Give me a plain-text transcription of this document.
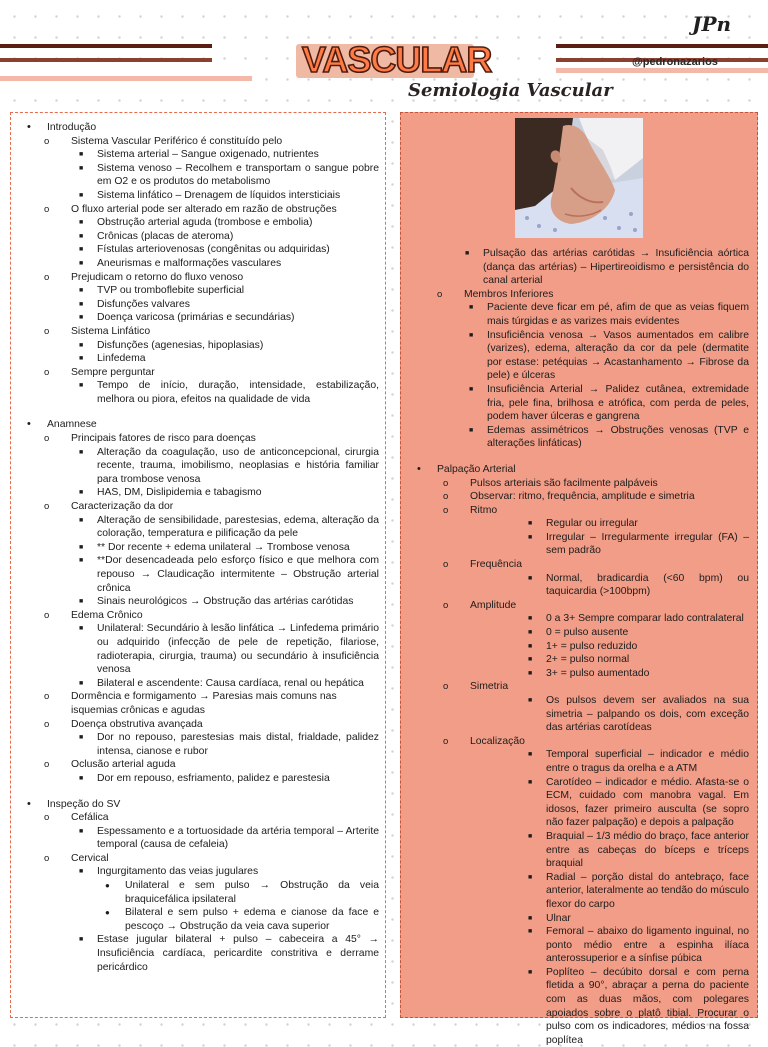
JPn
VASCULAR	@pedronazarios
Semiologia Vascular
• Introdução
o Sistema Vascular Periférico é constituído pelo
■ Sistema arterial – Sangue oxigenado, nutrientes
■ Sistema venoso – Recolhem e transportam o sangue pobre em O2 e os produtos do metabolismo
■ Sistema linfático – Drenagem de líquidos intersticiais
o O fluxo arterial pode ser alterado em razão de obstruções
■ Obstrução arterial aguda (trombose e embolia)
■ Crônicas (placas de ateroma)
■ Fístulas arteriovenosas (congênitas ou adquiridas)
■ Aneurismas e malformações vasculares
o Prejudicam o retorno do fluxo venoso
■ TVP ou tromboflebite superficial
■ Disfunções valvares
■ Doença varicosa (primárias e secundárias)
o Sistema Linfático
■ Disfunções (agenesias, hipoplasias)
■ Linfedema
o Sempre perguntar
■ Tempo de início, duração, intensidade, estabilização, melhora ou piora, efeitos na qualidade de vida
• Anamnese
o Principais fatores de risco para doenças
■ Alteração da coagulação, uso de anticoncepcional, cirurgia recente, trauma, imobilismo, neoplasias e história familiar para trombose venosa
■ HAS, DM, Dislipidemia e tabagismo
o Caracterização da dor
■ Alteração de sensibilidade, parestesias, edema, alteração da coloração, temperatura e pilificação da pele
■ ** Dor recente + edema unilateral → Trombose venosa
■ **Dor desencadeada pelo esforço físico e que melhora com repouso → Claudicação intermitente – Obstrução arterial crônica
■ Sinais neurológicos → Obstrução das artérias carótidas
o Edema Crônico
■ Unilateral: Secundário à lesão linfática → Linfedema primário ou adquirido (infecção de pele de repetição, filariose, radioterapia, cirurgia, trauma) ou secundário à insuficiência venosa
■ Bilateral e ascendente: Causa cardíaca, renal ou hepática
o Dormência e formigamento → Paresias mais comuns nas isquemias crônicas e agudas
o Doença obstrutiva avançada
■ Dor no repouso, parestesias mais distal, frialdade, palidez intensa, cianose e rubor
o Oclusão arterial aguda
■ Dor em repouso, esfriamento, palidez e parestesia
• Inspeção do SV
o Cefálica
■ Espessamento e a tortuosidade da artéria temporal – Arterite temporal (causa de cefaleia)
o Cervical
■ Ingurgitamento das veias jugulares
● Unilateral e sem pulso → Obstrução da veia braquicefálica ipsilateral
● Bilateral e sem pulso + edema e cianose da face e pescoço → Obstrução da veia cava superior
■ Estase jugular bilateral + pulso – cabeceira a 45° → Insuficiência cardíaca, pericardite constritiva e derrame pericárdico
■ Pulsação das artérias carótidas → Insuficiência aórtica (dança das artérias) – Hipertireoidismo e persistência do canal arterial
o Membros Inferiores
■ Paciente deve ficar em pé, afim de que as veias fiquem mais túrgidas e as varizes mais evidentes
■ Insuficiência venosa → Vasos aumentados em calibre (varizes), edema, alteração da cor da pele (dermatite por estase: petéquias → Acastanhamento → Fibrose da pele) e úlceras
■ Insuficiência Arterial → Palidez cutânea, extremidade fria, pele fina, brilhosa e atrófica, com perda de peles, podem haver úlceras e gangrena
■ Edemas assimétricos → Obstruções venosas (TVP e alterações linfáticas)
• Palpação Arterial
o Pulsos arteriais são facilmente palpáveis
o Observar: ritmo, frequência, amplitude e simetria
o Ritmo
■ Regular ou irregular
■ Irregular – Irregularmente irregular (FA) – sem padrão
o Frequência
■ Normal, bradicardia (<60 bpm) ou taquicardia (>100bpm)
o Amplitude
■ 0 a 3+ Sempre comparar lado contralateral
■ 0 = pulso ausente
■ 1+ = pulso reduzido
■ 2+ = pulso normal
■ 3+ = pulso aumentado
o Simetria
■ Os pulsos devem ser avaliados na sua simetria – palpando os dois, com exceção das artérias carotídeas
o Localização
■ Temporal superficial – indicador e médio entre o tragus da orelha e a ATM
■ Carotídeo – indicador e médio. Afasta-se o ECM, cuidado com manobra vagal. Em idosos, fazer primeiro ausculta (se sopro não fazer palpação) e depois a palpação
■ Braquial – 1/3 médio do braço, face anterior entre as cabeças do bíceps e tríceps braquial
■ Radial – porção distal do antebraço, face anterior, lateralmente ao tendão do músculo flexor do carpo
■ Ulnar
■ Femoral – abaixo do ligamento inguinal, no ponto médio entre a espinha ilíaca anterossuperior e a sínfise púbica
■ Poplíteo – decúbito dorsal e com perna fletida a 90°, abraçar a perna do paciente com as duas mãos, com polegares apoiados sobre o platô tibial. Procurar o pulso com os indicadores, médios na fossa poplítea
